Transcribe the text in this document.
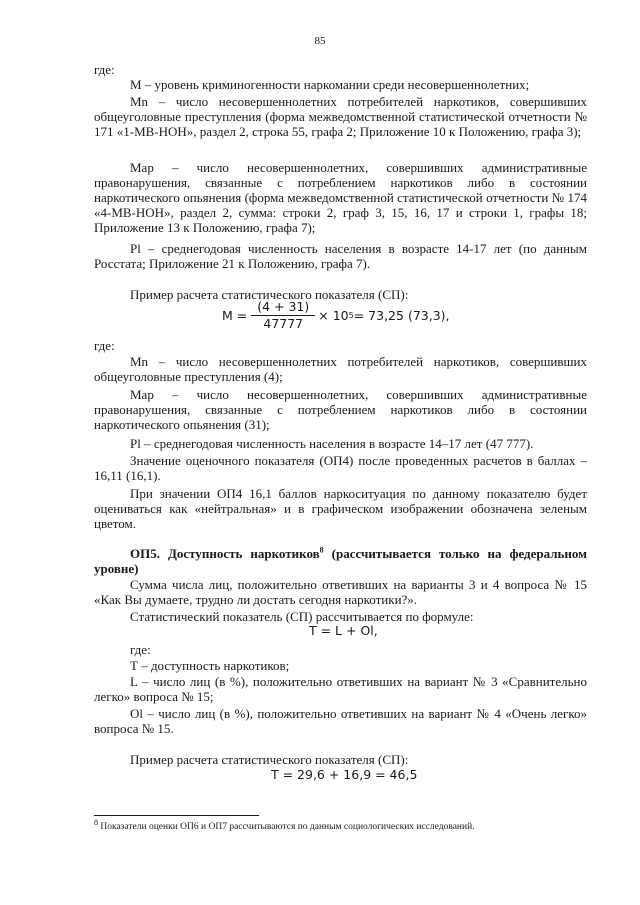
85

где:

М – уровень криминогенности наркомании среди несовершеннолетних;

Mn – число несовершеннолетних потребителей наркотиков, совершивших общеуголовные преступления (форма межведомственной статистической отчетности № 171 «1-МВ-НОН», раздел 2, строка 55, графа 2; Приложение 10 к Положению, графа 3);

Map – число несовершеннолетних, совершивших административные правонарушения, связанные с потреблением наркотиков либо в состоянии наркотического опьянения (форма межведомственной статистической отчетности № 174 «4-МВ-НОН», раздел 2, сумма: строки 2, граф 3, 15, 16, 17 и строки 1, графы 18; Приложение 13 к Положению, графа 7);

Pl – среднегодовая численность населения в возрасте 14-17 лет (по данным Росстата; Приложение 21 к Положению, графа 7).

Пример расчета статистического показателя (СП):

$M = \frac{(4 + 31)}{47777} \times 10$ 5 = 73,25 (73,3),

где:

Mn – число несовершеннолетних потребителей наркотиков, совершивших общеуголовные преступления (4);

Map – число несовершеннолетних, совершивших административные правонарушения, связанные с потреблением наркотиков либо в состоянии наркотического опьянения (31);

Pl – среднегодовая численность населения в возрасте 14–17 лет (47 777).

Значение оценочного показателя (ОП4) после проведенных расчетов в баллах – 16,11 (16,1).

При значении ОП4 16,1 баллов наркоситуация по данному показателю будет оцениваться как «нейтральная» и в графическом изображении обозначена зеленым цветом.

ОП5. Доступность наркотиков$^8$ (рассчитывается только на федеральном уровне)

Сумма числа лиц, положительно ответивших на варианты 3 и 4 вопроса № 15 «Как Вы думаете, трудно ли достать сегодня наркотики?».

Статистический показатель (СП) рассчитывается по формуле:

T = L + Ol,

где:

Т – доступность наркотиков;

L – число лиц (в %), положительно ответивших на вариант № 3 «Сравнительно легко» вопроса № 15;

Ol – число лиц (в %), положительно ответивших на вариант № 4 «Очень легко» вопроса № 15.

Пример расчета статистического показателя (СП):

T = 29,6 + 16,9 = 46,5
$^8$ Показатели оценки ОП6 и ОП7 рассчитываются по данным социологических исследований.
